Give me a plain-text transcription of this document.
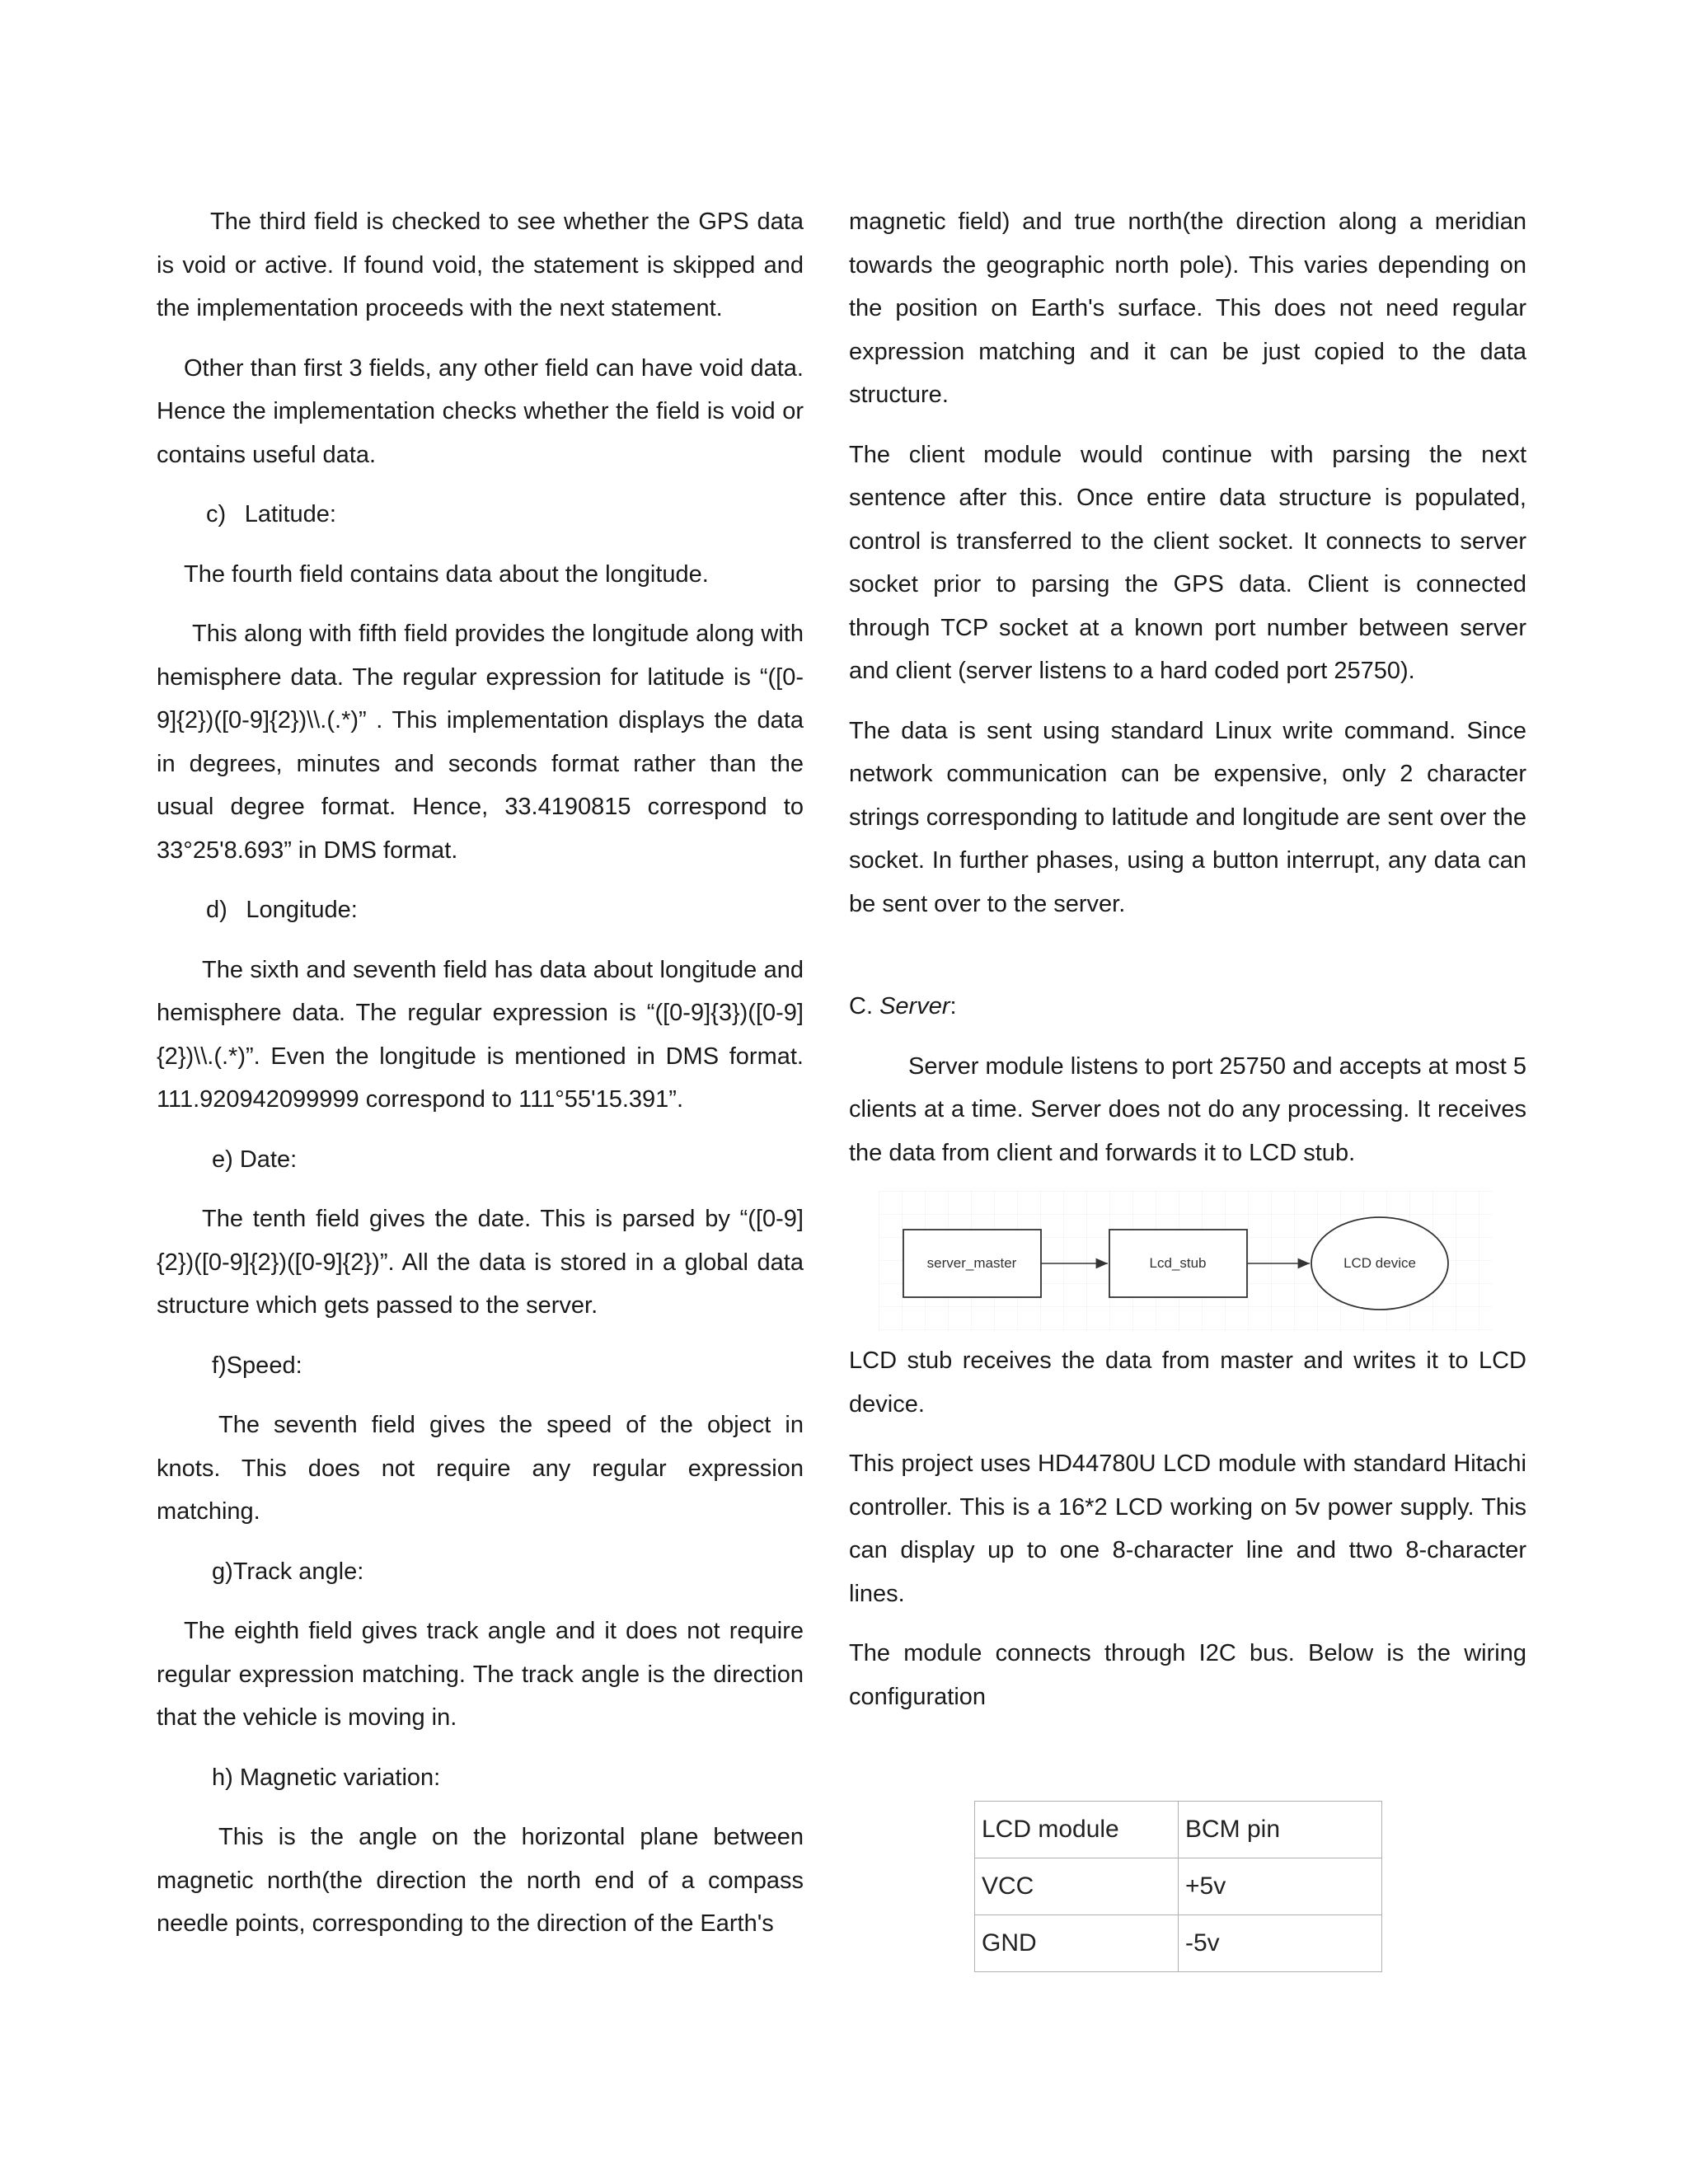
The third field is checked to see whether the GPS data is void or active. If found void, the statement is skipped and the implementation proceeds with the next statement.

Other than first 3 fields, any other field can have void data. Hence the implementation checks whether the field is void or contains useful data.

c)  Latitude:

The fourth field contains data about the longitude.

This along with fifth field provides the longitude along with hemisphere data. The regular expression for latitude is “([0-9]{2})([0-9]{2})\\.(.*)” . This implementation displays the data in degrees, minutes and seconds format rather than the usual degree format. Hence, 33.4190815 correspond to 33°25'8.693” in DMS format.

d)  Longitude:

The sixth and seventh field has data about longitude and hemisphere data. The regular expression is “([0-9]{3})([0-9]{2})\\.(.*)”. Even the longitude is mentioned in DMS format. 111.920942099999 correspond to 111°55'15.391”.

e) Date:

The tenth field gives the date. This is parsed by “([0-9]{2})([0-9]{2})([0-9]{2})”. All the data is stored in a global data structure which gets passed to the server.

f)Speed:

The seventh field gives the speed of the object in knots. This does not require any regular expression matching.

g)Track angle:

The eighth field gives track angle and it does not require regular expression matching. The track angle is the direction that the vehicle is moving in.

h) Magnetic variation:

This is the angle on the horizontal plane between magnetic north(the direction the north end of a compass needle points, corresponding to the direction of the Earth's

magnetic field) and true north(the direction along a meridian towards the geographic north pole). This varies depending on the position on Earth's surface. This does not need regular expression matching and it can be just copied to the data structure.

The client module would continue with parsing the next sentence after this. Once entire data structure is populated, control is transferred to the client socket. It connects to server socket prior to parsing the GPS data. Client is connected through TCP socket at a known port number between server and client (server listens to a hard coded port 25750).

The data is sent using standard Linux write command. Since network communication can be expensive, only 2 character strings corresponding to latitude and longitude are sent over the socket. In further phases, using a button interrupt, any data can be sent over to the server.

C. Server:

Server module listens to port 25750 and accepts at most 5 clients at a time. Server does not do any processing. It receives the data from client and forwards it to LCD stub.

server_master	Lcd_stub	LCD device

LCD stub receives the data from master and writes it to LCD device.

This project uses HD44780U LCD module with standard Hitachi controller. This is a 16*2 LCD working on 5v power supply. This can display up to one 8-character line and ttwo 8-character lines.

The module connects through I2C bus. Below is the wiring configuration

LCD module	BCM pin
VCC	+5v
GND	-5v
